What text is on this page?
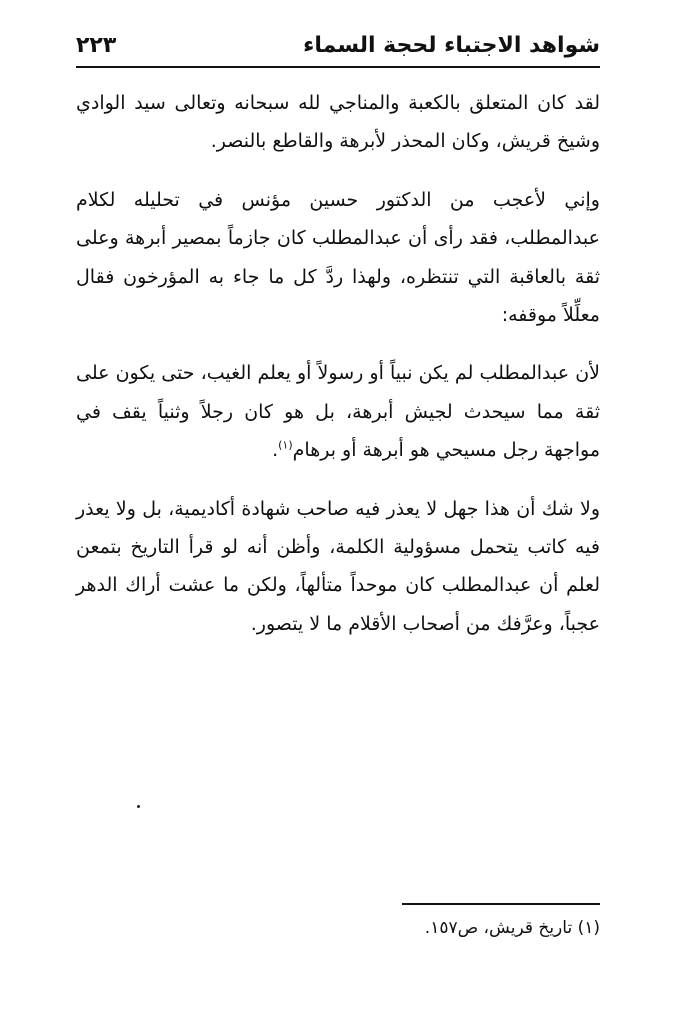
شواهد الاجتباء لحجة السماء
٢٢٣

لقد كان المتعلق بالكعبة والمناجي لله سبحانه وتعالى سيد الوادي وشيخ قريش، وكان المحذر لأبرهة والقاطع بالنصر.

وإني لأعجب من الدكتور حسين مؤنس في تحليله لكلام عبدالمطلب، فقد رأى أن عبدالمطلب كان جازماً بمصير أبرهة وعلى ثقة بالعاقبة التي تنتظره، ولهذا ردَّ كل ما جاء به المؤرخون فقال معلِّلاً موقفه:

لأن عبدالمطلب لم يكن نبياً أو رسولاً أو يعلم الغيب، حتى يكون على ثقة مما سيحدث لجيش أبرهة، بل هو كان رجلاً وثنياً يقف في مواجهة رجل مسيحي هو أبرهة أو برهام$^{(١)}$.

ولا شك أن هذا جهل لا يعذر فيه صاحب شهادة أكاديمية، بل ولا يعذر فيه كاتب يتحمل مسؤولية الكلمة، وأظن أنه لو قرأ التاريخ بتمعن لعلم أن عبدالمطلب كان موحداً متألهاً، ولكن ما عشت أراك الدهر عجباً، وعرَّفك من أصحاب الأقلام ما لا يتصور.

(١) تاريخ قريش، ص١٥٧.
